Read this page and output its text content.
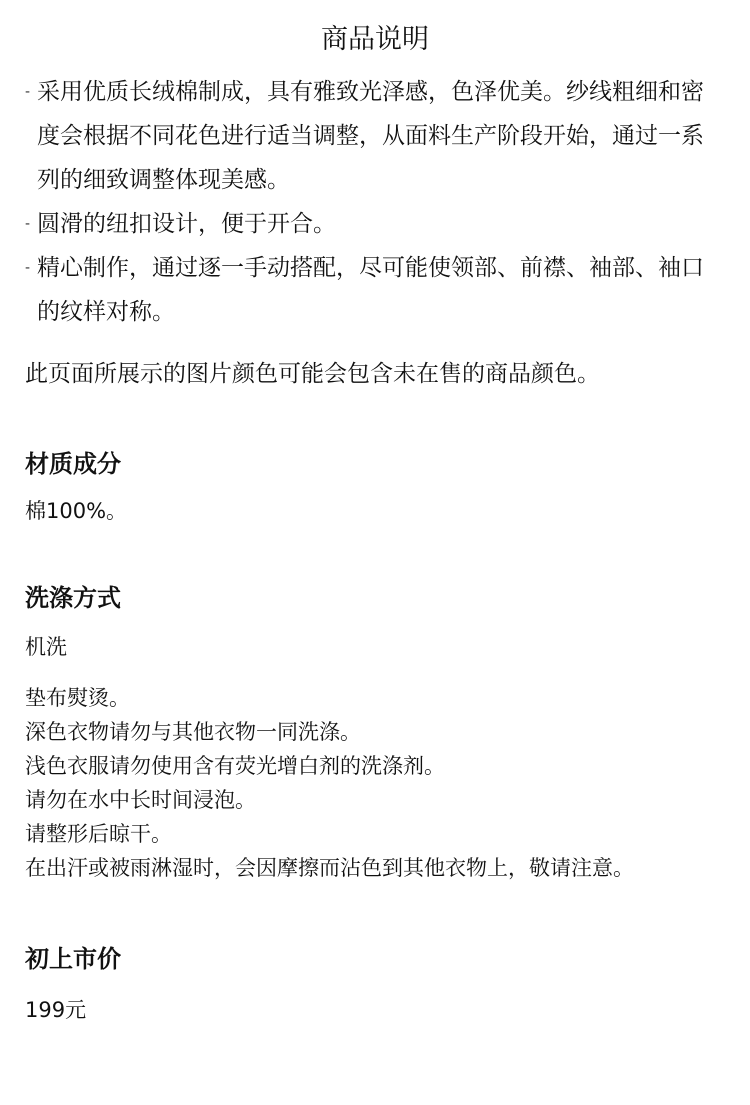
商品说明
- 采用优质长绒棉制成，具有雅致光泽感，色泽优美。纱线粗细和密度会根据不同花色进行适当调整，从面料生产阶段开始，通过一系列的细致调整体现美感。
- 圆滑的纽扣设计，便于开合。
- 精心制作，通过逐一手动搭配，尽可能使领部、前襟、袖部、袖口的纹样对称。

此页面所展示的图片颜色可能会包含未在售的商品颜色。

材质成分

棉100%。

洗涤方式

机洗

垫布熨烫。
深色衣物请勿与其他衣物一同洗涤。
浅色衣服请勿使用含有荧光增白剂的洗涤剂。
请勿在水中长时间浸泡。
请整形后晾干。
在出汗或被雨淋湿时，会因摩擦而沾色到其他衣物上，敬请注意。
初上市价

199元
